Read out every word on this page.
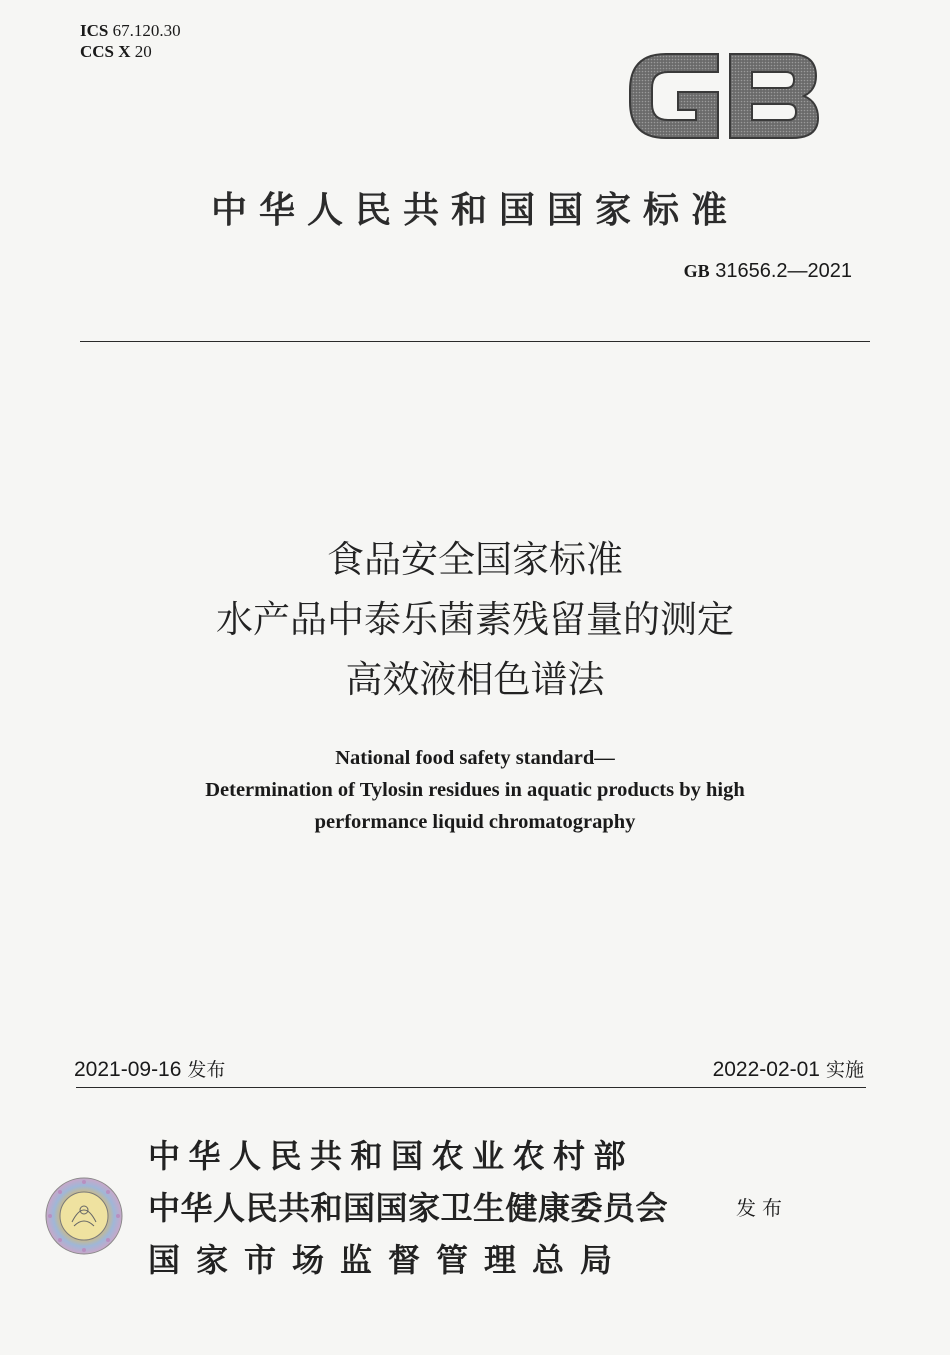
ICS 67.120.30
CCS X 20
中华人民共和国国家标准
GB 31656.2—2021
食品安全国家标准
水产品中泰乐菌素残留量的测定
高效液相色谱法
National food safety standard—
Determination of Tylosin residues in aquatic products by high
performance liquid chromatography
2021-09-16 发布	2022-02-01 实施
中华人民共和国农业农村部
中华人民共和国国家卫生健康委员会
国家市场监督管理总局
发布
